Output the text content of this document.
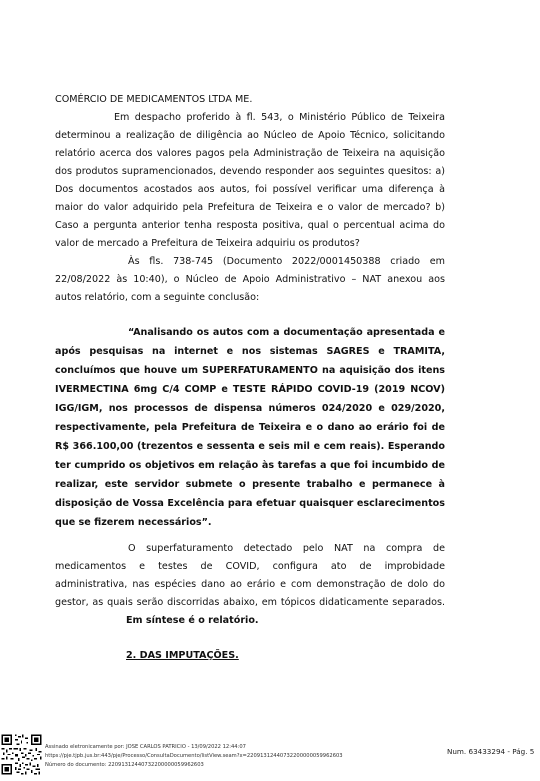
COMÉRCIO DE MEDICAMENTOS LTDA ME.
Em despacho proferido à fl. 543, o Ministério Público de Teixeira
determinou a realização de diligência ao Núcleo de Apoio Técnico, solicitando
relatório acerca dos valores pagos pela Administração de Teixeira na aquisição
dos produtos supramencionados, devendo responder aos seguintes quesitos: a)
Dos documentos acostados aos autos, foi possível verificar uma diferença à
maior do valor adquirido pela Prefeitura de Teixeira e o valor de mercado? b)
Caso a pergunta anterior tenha resposta positiva, qual o percentual acima do
valor de mercado a Prefeitura de Teixeira adquiriu os produtos?
Às fls. 738-745 (Documento 2022/0001450388 criado em
22/08/2022 às 10:40), o Núcleo de Apoio Administrativo – NAT anexou aos
autos relatório, com a seguinte conclusão:
“Analisando os autos com a documentação apresentada e
após pesquisas na internet e nos sistemas SAGRES e TRAMITA,
concluímos que houve um SUPERFATURAMENTO na aquisição dos itens
IVERMECTINA 6mg C/4 COMP e TESTE RÁPIDO COVID-19 (2019 NCOV)
IGG/IGM, nos processos de dispensa números 024/2020 e 029/2020,
respectivamente, pela Prefeitura de Teixeira e o dano ao erário foi de
R$ 366.100,00 (trezentos e sessenta e seis mil e cem reais). Esperando
ter cumprido os objetivos em relação às tarefas a que foi incumbido de
realizar, este servidor submete o presente trabalho e permanece à
disposição de Vossa Excelência para efetuar quaisquer esclarecimentos
que se fizerem necessários”.
O superfaturamento detectado pelo NAT na compra de
medicamentos e testes de COVID, configura ato de improbidade
administrativa, nas espécies dano ao erário e com demonstração de dolo do
gestor, as quais serão discorridas abaixo, em tópicos didaticamente separados.
Em síntese é o relatório.
2. DAS IMPUTAÇÕES.
Assinado eletronicamente por: JOSE CARLOS PATRICIO - 13/09/2022 12:44:07
https://pje.tjpb.jus.br:443/pje/Processo/ConsultaDocumento/listView.seam?x=22091312440732200000059962603
Número do documento: 22091312440732200000059962603
Num. 63433294 - Pág. 5
